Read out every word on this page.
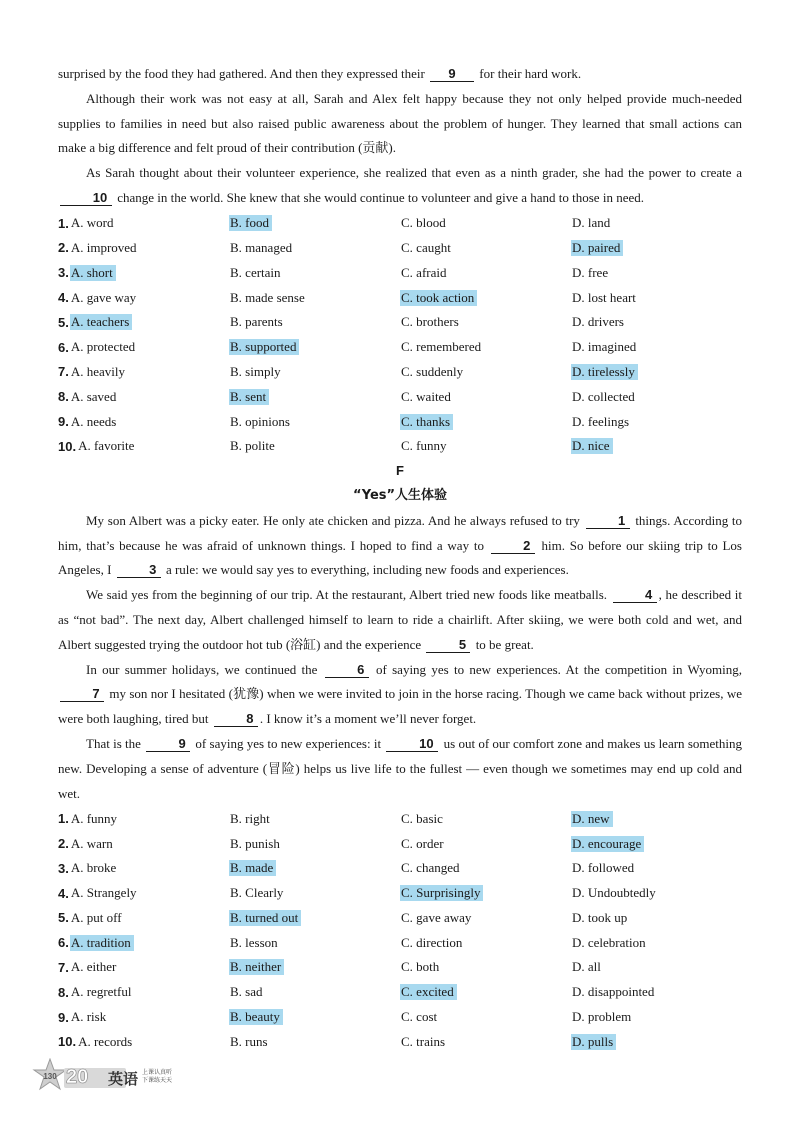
surprised by the food they had gathered. And then they expressed their 9 for their hard work.

Although their work was not easy at all, Sarah and Alex felt happy because they not only helped provide much-needed supplies to families in need but also raised public awareness about the problem of hunger. They learned that small actions can make a big difference and felt proud of their contribution (贡献).

As Sarah thought about their volunteer experience, she realized that even as a ninth grader, she had the power to create a 10 change in the world. She knew that she would continue to volunteer and give a hand to those in need.

1. A. word	B. food	C. blood	D. land
2. A. improved	B. managed	C. caught	D. paired
3. A. short	B. certain	C. afraid	D. free
4. A. gave way	B. made sense	C. took action	D. lost heart
5. A. teachers	B. parents	C. brothers	D. drivers
6. A. protected	B. supported	C. remembered	D. imagined
7. A. heavily	B. simply	C. suddenly	D. tirelessly
8. A. saved	B. sent	C. waited	D. collected
9. A. needs	B. opinions	C. thanks	D. feelings
10. A. favorite	B. polite	C. funny	D. nice
F
“Yes”人生体验

My son Albert was a picky eater. He only ate chicken and pizza. And he always refused to try	1 things. According to him, that’s because he was afraid of unknown things. I hoped to find a way to	2 him. So before our skiing trip to Los Angeles, I	3 a rule: we would say yes to everything, including new foods and experiences.

We said yes from the beginning of our trip. At the restaurant, Albert tried new foods like meatballs.	4 , he described it as “not bad”. The next day, Albert challenged himself to learn to ride a chairlift. After skiing, we were both cold and wet, and Albert suggested trying the outdoor hot tub (浴缸) and the experience	5 to be great.

In our summer holidays, we continued the	6 of saying yes to new experiences. At the competition in Wyoming, 7 my son nor I hesitated (犹豫) when we were invited to join in the horse racing. Though we came back without prizes, we were both laughing, tired but	8 . I know it’s a moment we’ll never forget.

That is the	9 of saying yes to new experiences: it	10 us out of our comfort zone and makes us learn something new. Developing a sense of adventure (冒险) helps us live life to the fullest — even though we sometimes may end up cold and wet.

1. A. funny	B. right	C. basic	D. new
2. A. warn	B. punish	C. order	D. encourage
3. A. broke	B. made	C. changed	D. followed
4. A. Strangely	B. Clearly	C. Surprisingly	D. Undoubtedly
5. A. put off	B. turned out	C. gave away	D. took up
6. A. tradition	B. lesson	C. direction	D. celebration
7. A. either	B. neither	C. both	D. all
8. A. regretful	B. sad	C. excited	D. disappointed
9. A. risk	B. beauty	C. cost	D. problem
10. A. records	B. runs	C. trains	D. pulls

130 20 英语 上课认真听
下课练天天
